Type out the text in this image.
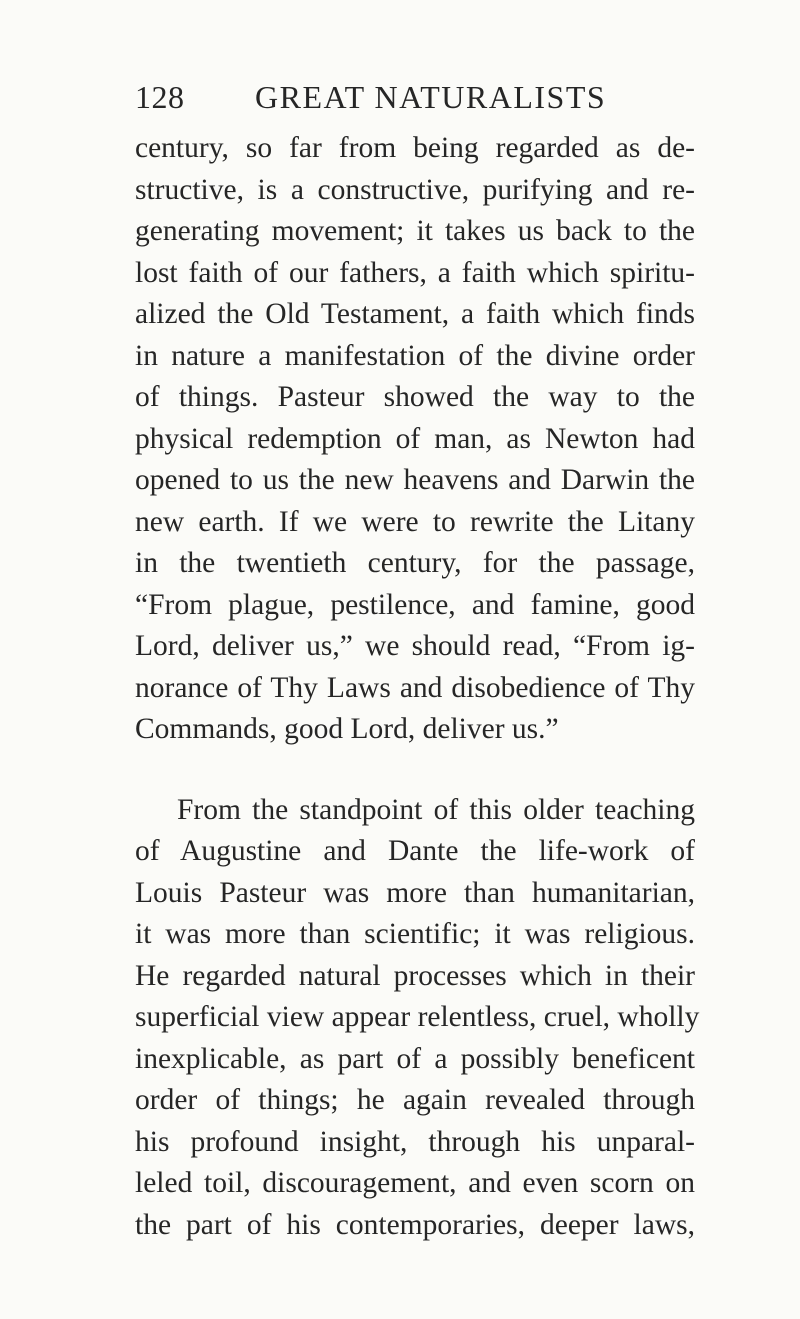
128 GREAT NATURALISTS
century, so far from being regarded as de-
structive, is a constructive, purifying and re-
generating movement; it takes us back to the
lost faith of our fathers, a faith which spiritu-
alized the Old Testament, a faith which finds
in nature a manifestation of the divine order
of things. Pasteur showed the way to the
physical redemption of man, as Newton had
opened to us the new heavens and Darwin the
new earth. If we were to rewrite the Litany
in the twentieth century, for the passage,
“From plague, pestilence, and famine, good
Lord, deliver us,” we should read, “From ig-
norance of Thy Laws and disobedience of Thy
Commands, good Lord, deliver us.”
From the standpoint of this older teaching
of Augustine and Dante the life-work of
Louis Pasteur was more than humanitarian,
it was more than scientific; it was religious.
He regarded natural processes which in their
superficial view appear relentless, cruel, wholly
inexplicable, as part of a possibly beneficent
order of things; he again revealed through
his profound insight, through his unparal-
leled toil, discouragement, and even scorn on
the part of his contemporaries, deeper laws,
